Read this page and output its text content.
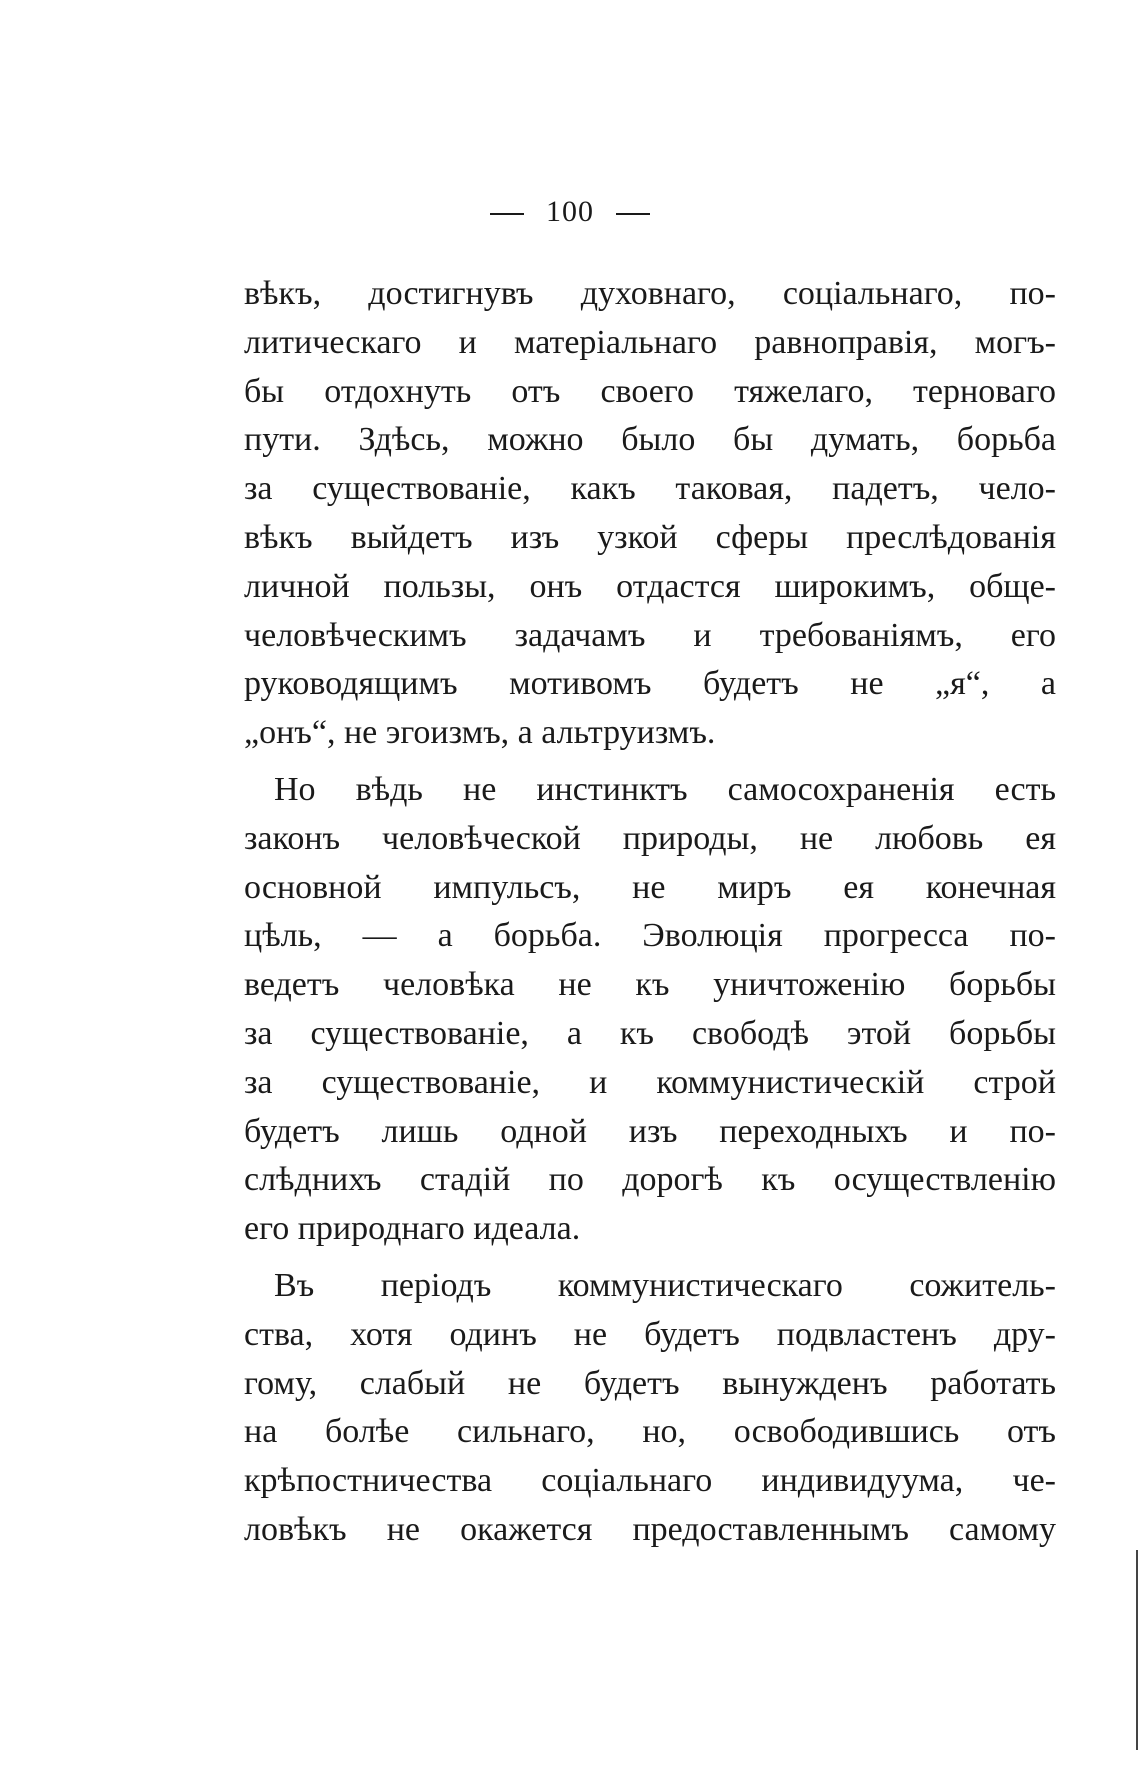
100
вѣкъ, достигнувъ духовнаго, соціальнаго, по-
литическаго и матеріальнаго равноправія, могъ-
бы отдохнуть отъ своего тяжелаго, терноваго
пути. Здѣсь, можно было бы думать, борьба
за существованіе, какъ таковая, падетъ, чело-
вѣкъ выйдетъ изъ узкой сферы преслѣдованія
личной пользы, онъ отдастся широкимъ, обще-
человѣческимъ задачамъ и требованіямъ, его
руководящимъ мотивомъ будетъ не „я“, а
„онъ“, не эгоизмъ, а альтруизмъ.
Но вѣдь не инстинктъ самосохраненія есть
законъ человѣческой природы, не любовь ея
основной импульсъ, не миръ ея конечная
цѣль, — а борьба. Эволюція прогресса по-
ведетъ человѣка не къ уничтоженію борьбы
за существованіе, а къ свободѣ этой борьбы
за существованіе, и коммунистическій строй
будетъ лишь одной изъ переходныхъ и по-
слѣднихъ стадій по дорогѣ къ осуществленію
его природнаго идеала.
Въ періодъ коммунистическаго сожитель-
ства, хотя одинъ не будетъ подвластенъ дру-
гому, слабый не будетъ вынужденъ работать
на болѣе сильнаго, но, освободившись отъ
крѣпостничества соціальнаго индивидуума, че-
ловѣкъ не окажется предоставленнымъ самому
